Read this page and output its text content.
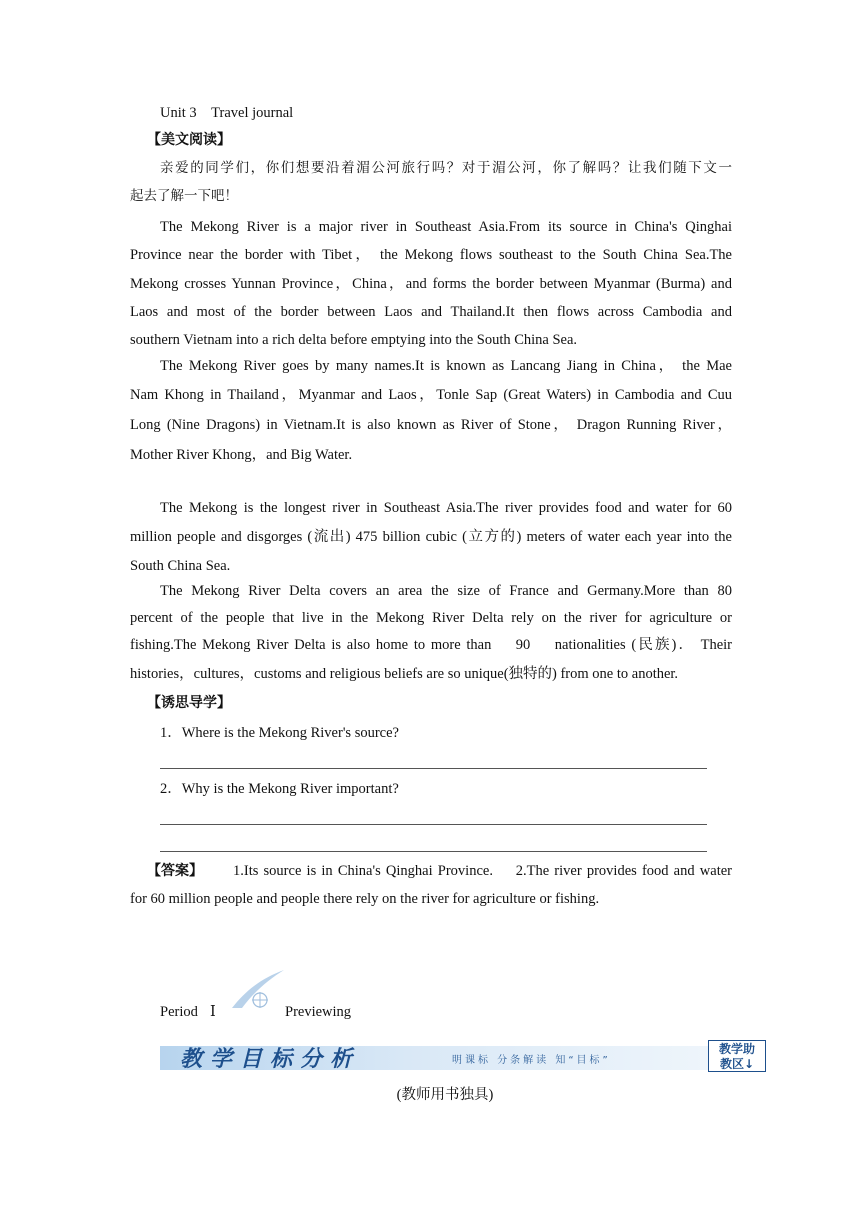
Unit 3　Travel journal
【美文阅读】
亲爱的同学们，你们想要沿着湄公河旅行吗？对于湄公河，你了解吗？让我们随下文一
起去了解一下吧！
The Mekong River is a major river in Southeast Asia.From its source in China's Qinghai
Province near the border with Tibet， the Mekong flows southeast to the South China Sea.The
Mekong crosses Yunnan Province，China，and forms the border between Myanmar (Burma) and
Laos and most of the border between Laos and Thailand.It then flows across Cambodia and
southern Vietnam into a rich delta before emptying into the South China Sea.
The Mekong River goes by many names.It is known as Lancang Jiang in China， the Mae
Nam Khong in Thailand，Myanmar and Laos，Tonle Sap (Great Waters) in Cambodia and Cuu
Long (Nine Dragons) in Vietnam.It is also known as River of Stone， Dragon Running River，
Mother River Khong，and Big Water.
The Mekong is the longest river in Southeast Asia.The river provides food and water for 60
million people and disgorges (流出) 475 billion cubic (立方的) meters of water each year into the
South China Sea.
The Mekong River Delta covers an area the size of France and Germany.More than 80
percent of the people that live in the Mekong River Delta rely on the river for agriculture or
fishing.The Mekong River Delta is also home to more than　 90　 nationalities (民族)． Their
histories，cultures，customs and religious beliefs are so unique(独特的) from one to another.
【诱思导学】
1．Where is the Mekong River's source?
2．Why is the Mekong River important?
【答案】 1.Its source is in China's Qinghai Province.　 2.The river provides food and water
for 60 million people and people there rely on the river for agriculture or fishing.
Period Ⅰ	Previewing
教学目标分析	明课标 分条解读 知“目标”
教学助
教区↓
(教师用书独具)
